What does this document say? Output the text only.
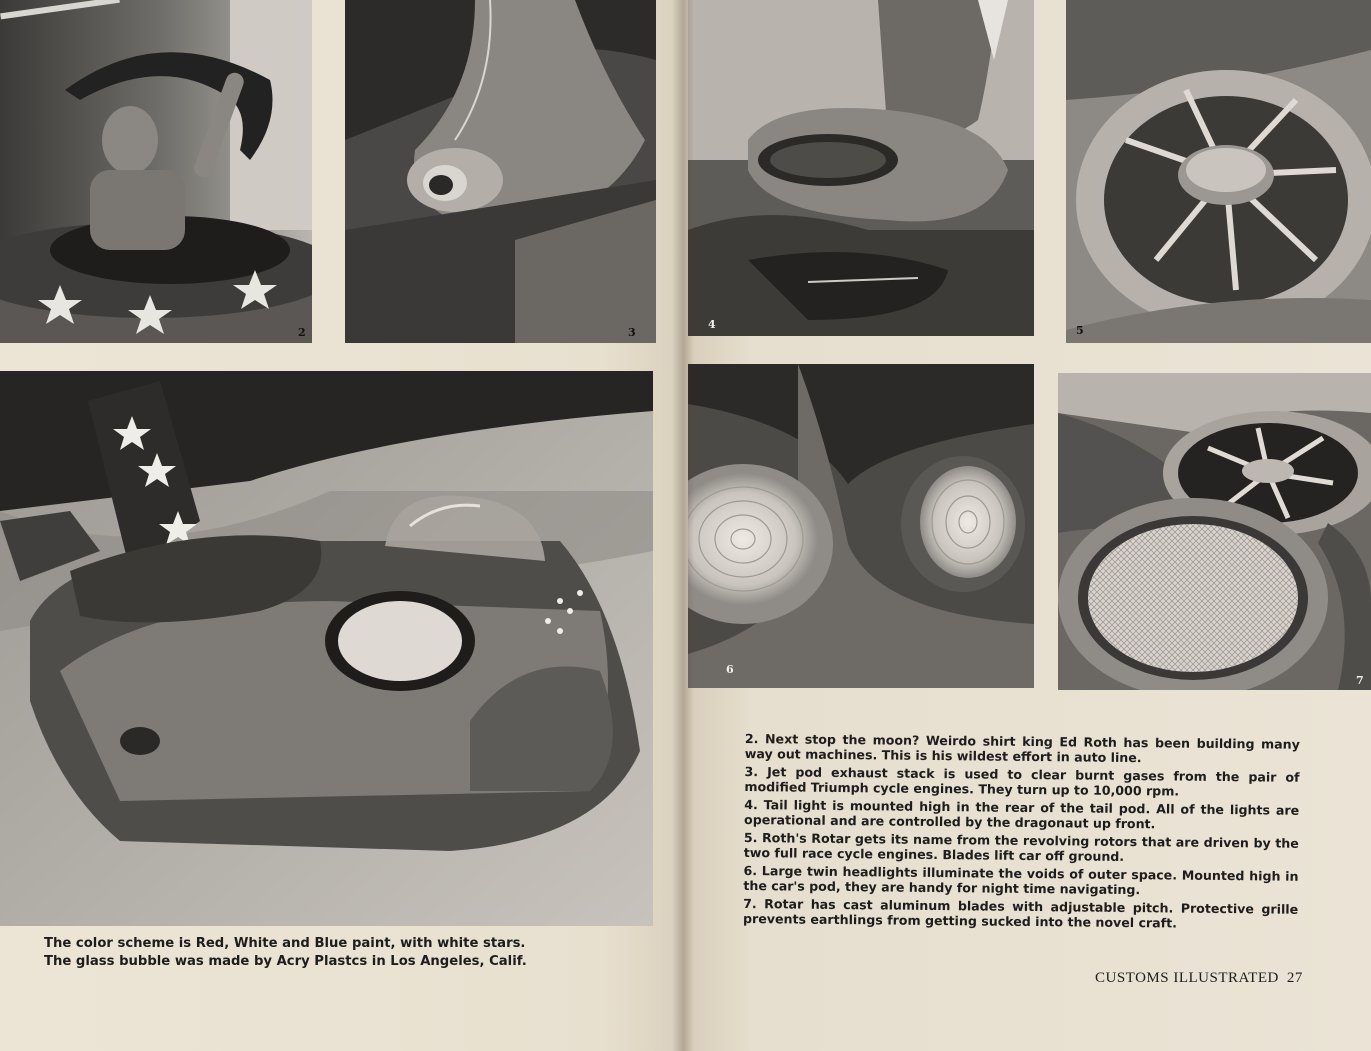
2	3
The color scheme is Red, White and Blue paint, with white stars.
The glass bubble was made by Acry Plastcs in Los Angeles, Calif.
4	5
6
7

2. Next stop the moon? Weirdo shirt king Ed Roth has been building many way out machines. This is his wildest effort in auto line.

3. Jet pod exhaust stack is used to clear burnt gases from the pair of modified Triumph cycle engines. They turn up to 10,000 rpm.

4. Tail light is mounted high in the rear of the tail pod. All of the lights are operational and are controlled by the dragonaut up front.

5. Roth's Rotar gets its name from the revolving rotors that are driven by the two full race cycle engines. Blades lift car off ground.

6. Large twin headlights illuminate the voids of outer space. Mounted high in the car's pod, they are handy for night time navigating.

7. Rotar has cast aluminum blades with adjustable pitch. Protective grille prevents earthlings from getting sucked into the novel craft.

CUSTOMS ILLUSTRATED 27
